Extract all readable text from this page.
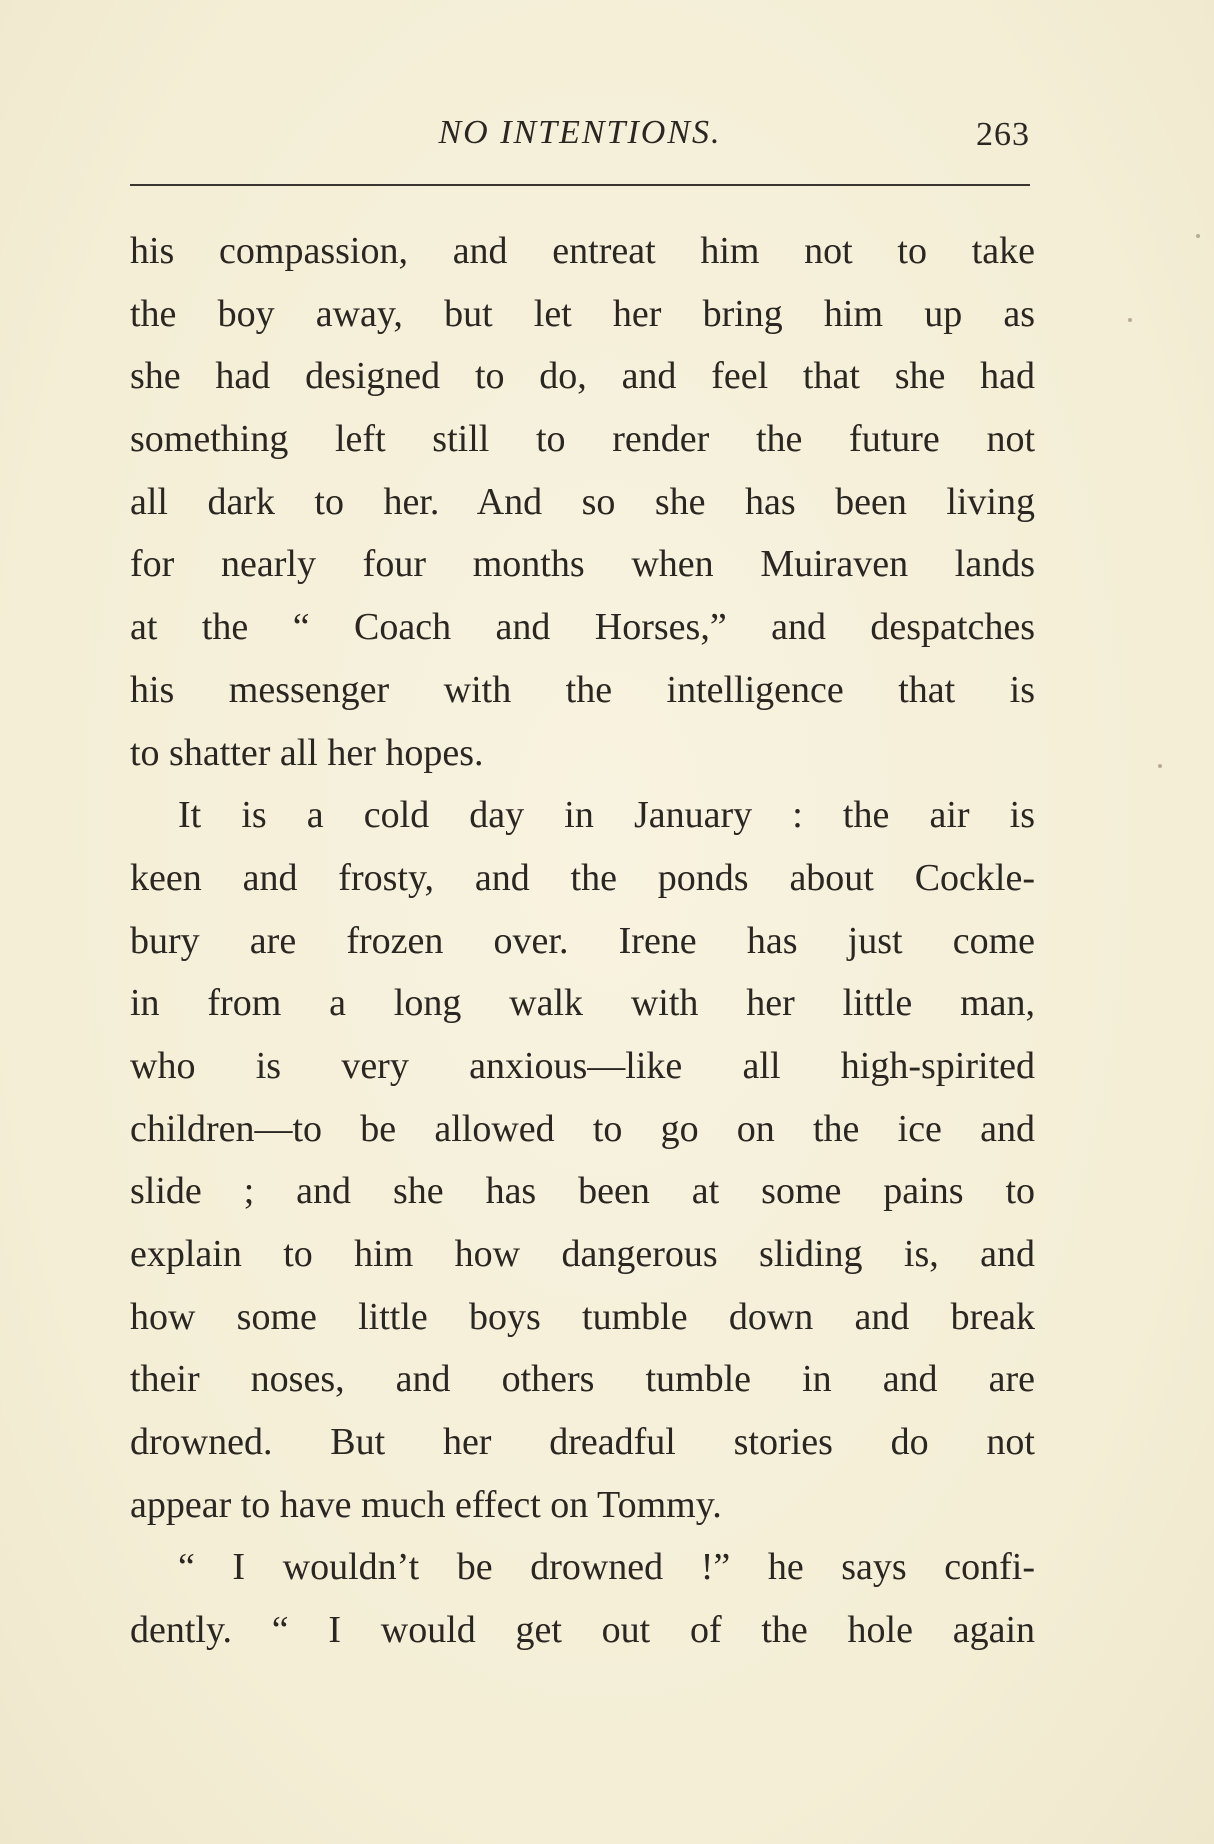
NO INTENTIONS.	263
his compassion, and entreat him not to take
the boy away, but let her bring him up as
she had designed to do, and feel that she had
something left still to render the future not
all dark to her. And so she has been living
for nearly four months when Muiraven lands
at the “ Coach and Horses,” and despatches
his messenger with the intelligence that is
to shatter all her hopes.
It is a cold day in January : the air is
keen and frosty, and the ponds about Cockle-
bury are frozen over. Irene has just come
in from a long walk with her little man,
who is very anxious—like all high-spirited
children—to be allowed to go on the ice and
slide ; and she has been at some pains to
explain to him how dangerous sliding is, and
how some little boys tumble down and break
their noses, and others tumble in and are
drowned. But her dreadful stories do not
appear to have much effect on Tommy.
“ I wouldn’t be drowned !” he says confi-
dently. “ I would get out of the hole again
